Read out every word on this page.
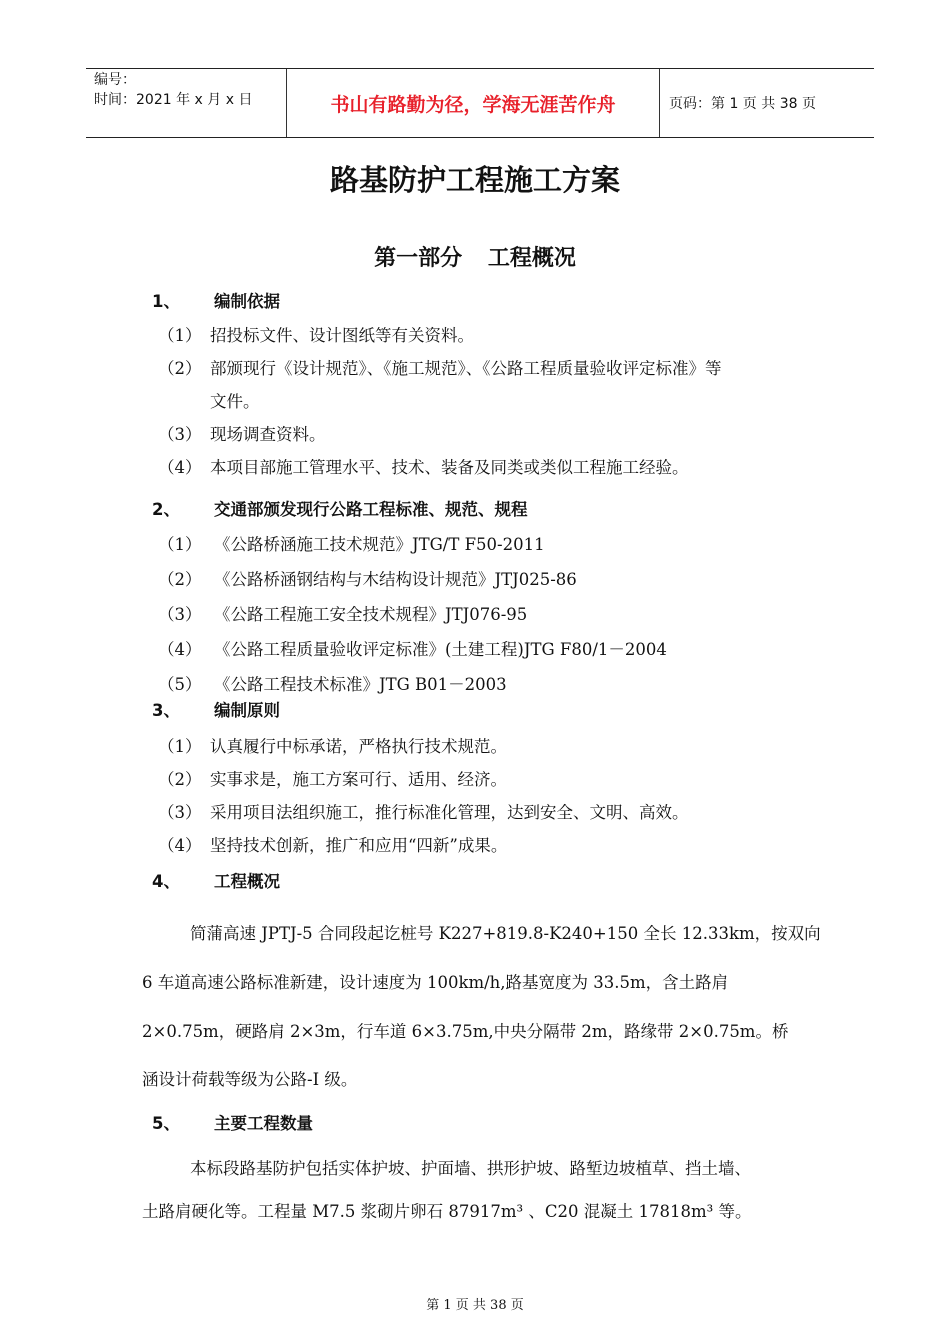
编号：
时间：2021 年 x 月 x 日	书山有路勤为径，学海无涯苦作舟	页码：第 1 页 共 38 页
路基防护工程施工方案
第一部分 工程概况
1、 编制依据
（1） 招投标文件、设计图纸等有关资料。
（2） 部颁现行《设计规范》、《施工规范》、《公路工程质量验收评定标准》等
文件。
（3） 现场调查资料。
（4） 本项目部施工管理水平、技术、装备及同类或类似工程施工经验。
2、 交通部颁发现行公路工程标准、规范、规程
（1） 《公路桥涵施工技术规范》JTG/T F50-2011
（2） 《公路桥涵钢结构与木结构设计规范》JTJ025-86
（3） 《公路工程施工安全技术规程》JTJ076-95
（4） 《公路工程质量验收评定标准》(土建工程)JTG F80/1－2004
（5） 《公路工程技术标准》JTG B01－2003
3、 编制原则
（1） 认真履行中标承诺，严格执行技术规范。
（2） 实事求是，施工方案可行、适用、经济。
（3） 采用项目法组织施工，推行标准化管理，达到安全、文明、高效。
（4） 坚持技术创新，推广和应用“四新”成果。
4、 工程概况
简蒲高速 JPTJ-5 合同段起讫桩号 K227+819.8-K240+150 全长 12.33km，按双向
6 车道高速公路标准新建，设计速度为 100km/h,路基宽度为 33.5m，含土路肩
2×0.75m，硬路肩 2×3m，行车道 6×3.75m,中央分隔带 2m，路缘带 2×0.75m。桥
涵设计荷载等级为公路-Ⅰ 级。
5、 主要工程数量
本标段路基防护包括实体护坡、护面墙、拱形护坡、路堑边坡植草、挡土墙、
土路肩硬化等。工程量 M7.5 浆砌片卵石 87917m³ 、C20 混凝土 17818m³ 等。
第 1 页 共 38 页
